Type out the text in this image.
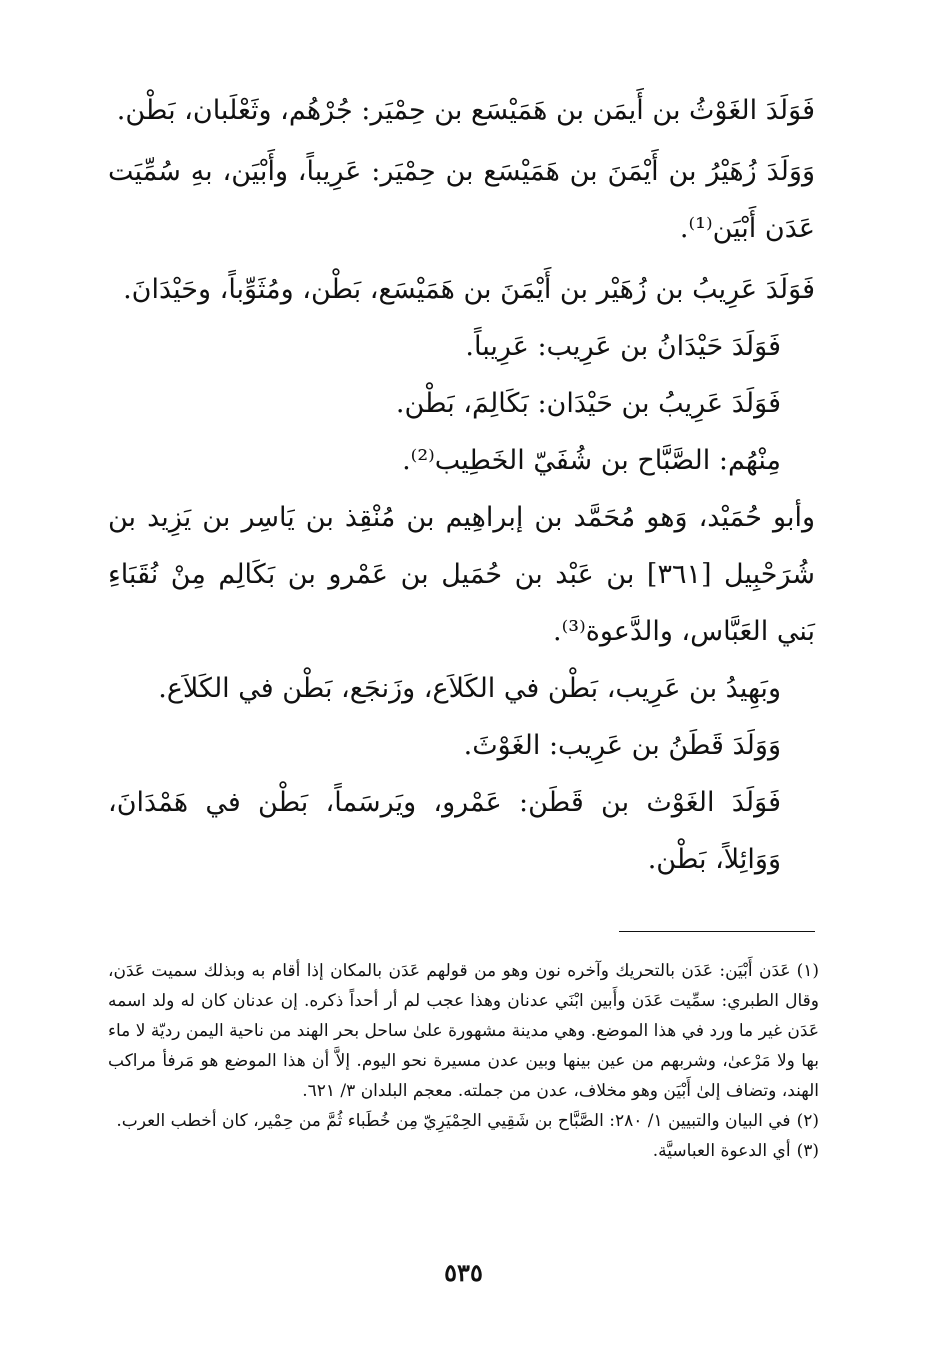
فَوَلَدَ الغَوْثُ بن أَيمَن بن هَمَيْسَع بن حِمْيَر: جُرْهُم، وثَعْلَبان، بَطْن.

وَوَلَدَ زُهَيْرُ بن أَيْمَنَ بن هَمَيْسَع بن حِمْيَر: عَرِيباً، وأَبْيَن، بهِ سُمِّيَت عَدَن أَبْيَن⁽¹⁾.

فَوَلَدَ عَرِيبُ بن زُهَيْر بن أَيْمَنَ بن هَمَيْسَع، بَطْن، ومُثَوِّباً، وحَيْدَانَ.

فَوَلَدَ حَيْدَانُ بن عَرِيب: عَرِيباً.

فَوَلَدَ عَرِيبُ بن حَيْدَان: بَكَالِمَ، بَطْن.

مِنْهُم: الصَّبَّاح بن شُفَيّ الخَطِيب⁽²⁾.

وأبو حُمَيْد، وَهو مُحَمَّد بن إبراهِيم بن مُنْقِذ بن يَاسِر بن يَزِيد بن شُرَحْبِيل [٣٦١] بن عَبْد بن حُمَيل بن عَمْرو بن بَكَالِم مِنْ نُقَبَاءِ بَني العَبَّاس، والدَّعوة⁽³⁾.

وبَهِيدُ بن عَرِيب، بَطْن في الكَلاَع، وزَنجَع، بَطْن في الكَلاَع.

وَوَلَدَ قَطَنُ بن عَرِيب: الغَوْثَ.

فَوَلَدَ الغَوْث بن قَطَن: عَمْرو، ويَرسَماً، بَطْن في هَمْدَانَ، وَوَائِلاً، بَطْن.

(١)عَدَن أَبْيَن: عَدَن بالتحريك وآخره نون وهو من قولهم عَدَن بالمكان إذا أقام به وبذلك سميت عَدَن، وقال الطبري: سمِّيت عَدَن وأَبين ابْنَي عدنان وهذا عجب لم أر أحداً ذكره. إن عدنان كان له ولد اسمه عَدَن غير ما ورد في هذا الموضع. وهي مدينة مشهورة علىٰ ساحل بحر الهند من ناحية اليمن رديّة لا ماء بها ولا مَرْعىٰ، وشربهم من عين بينها وبين عدن مسيرة نحو اليوم. إلاَّ أن هذا الموضع هو مَرفأ مراكب الهند، وتضاف إلىٰ أَبْيَن وهو مخلاف، عدن من جملته. معجم البلدان ٣/ ٦٢١.

(٢)في البيان والتبيين ١/ ٢٨٠: الصَّبَّاح بن شَقِيي الحِمْيَرِيّ مِن خُطَباء ثُمَّ من حِمْير، كان أخطب العرب.

(٣)أي الدعوة العباسيَّة.

٥٣٥
